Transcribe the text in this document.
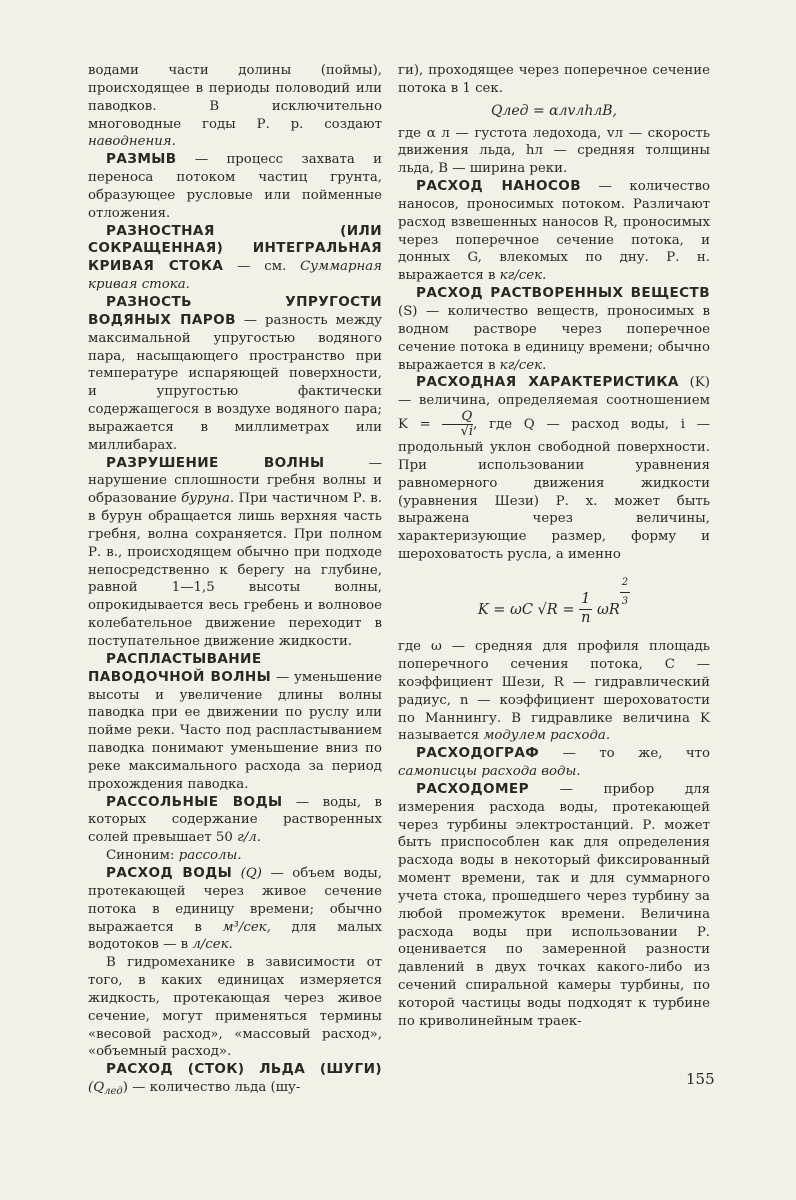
водами части долины (поймы), происходящее в периоды половодий или паводков. В исключительно многоводные годы Р. р. создают наводнения.

РАЗМЫВ — процесс захвата и переноса потоком частиц грунта, образующее русловые или пойменные отложения.

РАЗНОСТНАЯ (ИЛИ СОКРАЩЕННАЯ) ИНТЕГРАЛЬНАЯ КРИВАЯ СТОКА — см. Суммарная кривая стока.

РАЗНОСТЬ УПРУГОСТИ ВОДЯНЫХ ПАРОВ — разность между максимальной упругостью водяного пара, насыщающего пространство при температуре испаряющей поверхности, и упругостью фактически содержащегося в воздухе водяного пара; выражается в миллиметрах или миллибарах.

РАЗРУШЕНИЕ ВОЛНЫ — нарушение сплошности гребня волны и образование буруна. При частичном Р. в. в бурун обращается лишь верхняя часть гребня, волна сохраняется. При полном Р. в., происходящем обычно при подходе непосредственно к берегу на глубине, равной 1—1,5 высоты волны, опрокидывается весь гребень и волновое колебательное движение переходит в поступательное движение жидкости.

РАСПЛАСТЫВАНИЕ ПАВОДОЧНОЙ ВОЛНЫ — уменьшение высоты и увеличение длины волны паводка при ее движении по руслу или пойме реки. Часто под распластыванием паводка понимают уменьшение вниз по реке максимального расхода за период прохождения паводка.

РАССОЛЬНЫЕ ВОДЫ — воды, в которых содержание растворенных солей превышает 50 г/л.

Синоним: рассолы.

РАСХОД ВОДЫ (Q) — объем воды, протекающей через живое сечение потока в единицу времени; обычно выражается в м³/сек, для малых водотоков — в л/сек.

В гидромеханике в зависимости от того, в каких единицах измеряется жидкость, протекающая через живое сечение, могут применяться термины «весовой расход», «массовый расход», «объемный расход».

РАСХОД (СТОК) ЛЬДА (ШУГИ) $(Q_{лед})$ — количество льда (шу-

ги), проходящее через поперечное сечение потока в 1 сек.

Qлед = αлvлhлB,

где α л — густота ледохода, vл — скорость движения льда, hл — средняя толщины льда, B — ширина реки.

РАСХОД НАНОСОВ — количество наносов, проносимых потоком. Различают расход взвешенных наносов R, проносимых через поперечное сечение потока, и донных G, влекомых по дну. Р. н. выражается в кг/сек.

РАСХОД РАСТВОРЕННЫХ ВЕЩЕСТВ (S) — количество веществ, проносимых в водном растворе через поперечное сечение потока в единицу времени; обычно выражается в кг/сек.

РАСХОДНАЯ ХАРАКТЕРИСТИКА (K) — величина, определяемая соотношением $K = \frac{Q}{√i}$ , где Q — расход воды, i — продольный уклон свободной поверхности. При использовании уравнения равномерного движения жидкости (уравнения Шези) Р. х. может быть выражена через величины, характеризующие размер, форму и шероховатость русла, а именно

K = ωC $√R = \frac{1}{n}$ ωR $\frac{2}{3}$

где ω — средняя для профиля площадь поперечного сечения потока, C — коэффициент Шези, R — гидравлический радиус, n — коэффициент шероховатости по Маннингу. В гидравлике величина K называется модулем расхода.

РАСХОДОГРАФ — то же, что самописцы расхода воды.

РАСХОДОМЕР — прибор для измерения расхода воды, протекающей через турбины электростанций. Р. может быть приспособлен как для определения расхода воды в некоторый фиксированный момент времени, так и для суммарного учета стока, прошедшего через турбину за любой промежуток времени. Величина расхода воды при использовании Р. оценивается по замеренной разности давлений в двух точках какого-либо из сечений спиральной камеры турбины, по которой частицы воды подходят к турбине по криволинейным траек-

155
